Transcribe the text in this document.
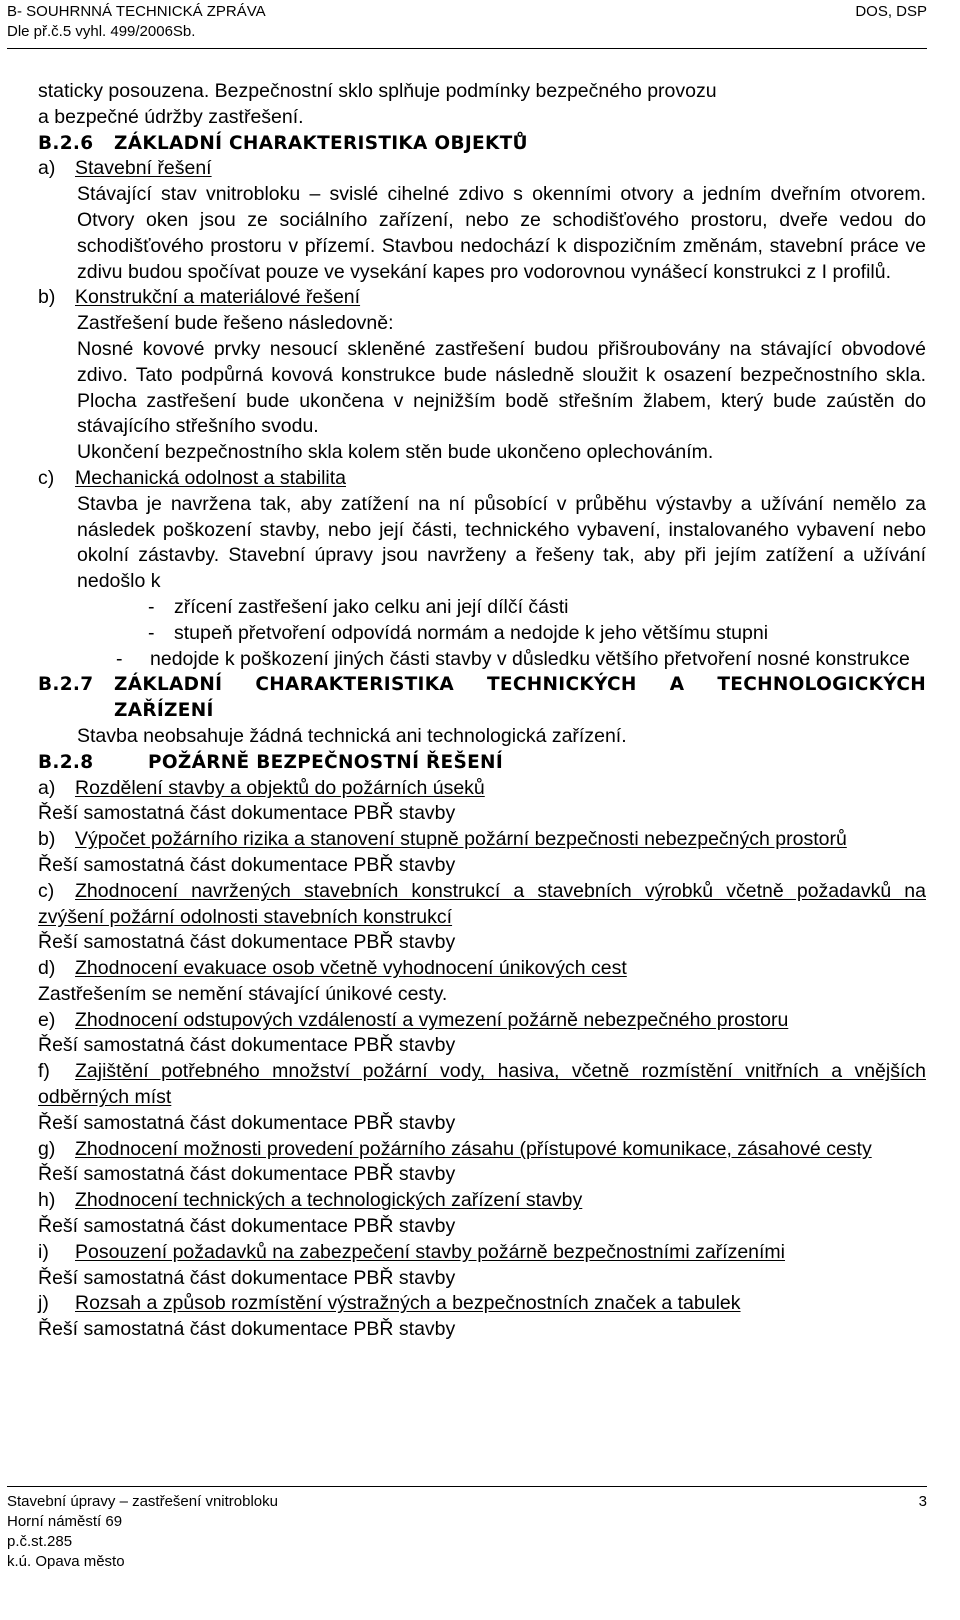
B- SOUHRNNÁ TECHNICKÁ ZPRÁVA	DOS, DSP
Dle př.č.5 vyhl. 499/2006Sb.

staticky posouzena. Bezpečnostní sklo splňuje podmínky bezpečného provozu

a bezpečné údržby zastřešení.

B.2.6	ZÁKLADNÍ CHARAKTERISTIKA OBJEKTŮ

a) Stavební řešení

Stávající stav vnitrobloku – svislé cihelné zdivo s okenními otvory a jedním dveřním otvorem. Otvory oken jsou ze sociálního zařízení, nebo ze schodišťového prostoru, dveře vedou do schodišťového prostoru v přízemí. Stavbou nedochází k dispozičním změnám, stavební práce ve zdivu budou spočívat pouze ve vysekání kapes pro vodorovnou vynášecí konstrukci z I profilů.

b) Konstrukční a materiálové řešení

Zastřešení bude řešeno následovně:

Nosné kovové prvky nesoucí skleněné zastřešení budou přišroubovány na stávající obvodové zdivo. Tato podpůrná kovová konstrukce bude následně sloužit k osazení bezpečnostního skla. Plocha zastřešení bude ukončena v nejnižším bodě střešním žlabem, který bude zaústěn do stávajícího střešního svodu.

Ukončení bezpečnostního skla kolem stěn bude ukončeno oplechováním.

c) Mechanická odolnost a stabilita

Stavba je navržena tak, aby zatížení na ní působící v průběhu výstavby a užívání nemělo za následek poškození stavby, nebo její části, technického vybavení, instalovaného vybavení nebo okolní zástavby. Stavební úpravy jsou navrženy a řešeny tak, aby při jejím zatížení a užívání nedošlo k

-	zřícení zastřešení jako celku ani její dílčí části
-	stupeň přetvoření odpovídá normám a nedojde k jeho většímu stupni
-	nedojde k poškození jiných části stavby v důsledku většího přetvoření nosné konstrukce
B.2.7	ZÁKLADNÍ CHARAKTERISTIKA TECHNICKÝCH A TECHNOLOGICKÝCH ZAŘÍZENÍ

Stavba neobsahuje žádná technická ani technologická zařízení.

B.2.8	POŽÁRNĚ BEZPEČNOSTNÍ ŘEŠENÍ

a) Rozdělení stavby a objektů do požárních úseků

Řeší samostatná část dokumentace PBŘ stavby

b) Výpočet požárního rizika a stanovení stupně požární bezpečnosti nebezpečných prostorů

Řeší samostatná část dokumentace PBŘ stavby

c) Zhodnocení navržených stavebních konstrukcí a stavebních výrobků včetně požadavků na zvýšení požární odolnosti stavebních konstrukcí

Řeší samostatná část dokumentace PBŘ stavby

d) Zhodnocení evakuace osob včetně vyhodnocení únikových cest

Zastřešením se nemění stávající únikové cesty.

e) Zhodnocení odstupových vzdáleností a vymezení požárně nebezpečného prostoru

Řeší samostatná část dokumentace PBŘ stavby

f) Zajištění potřebného množství požární vody, hasiva, včetně rozmístění vnitřních a vnějších odběrných míst

Řeší samostatná část dokumentace PBŘ stavby

g) Zhodnocení možnosti provedení požárního zásahu (přístupové komunikace, zásahové cesty

Řeší samostatná část dokumentace PBŘ stavby

h) Zhodnocení technických a technologických zařízení stavby

Řeší samostatná část dokumentace PBŘ stavby

i) Posouzení požadavků na zabezpečení stavby požárně bezpečnostními zařízeními

Řeší samostatná část dokumentace PBŘ stavby

j) Rozsah a způsob rozmístění výstražných a bezpečnostních značek a tabulek

Řeší samostatná část dokumentace PBŘ stavby

Stavební úpravy – zastřešení vnitrobloku	3
Horní náměstí 69
p.č.st.285
k.ú. Opava město
